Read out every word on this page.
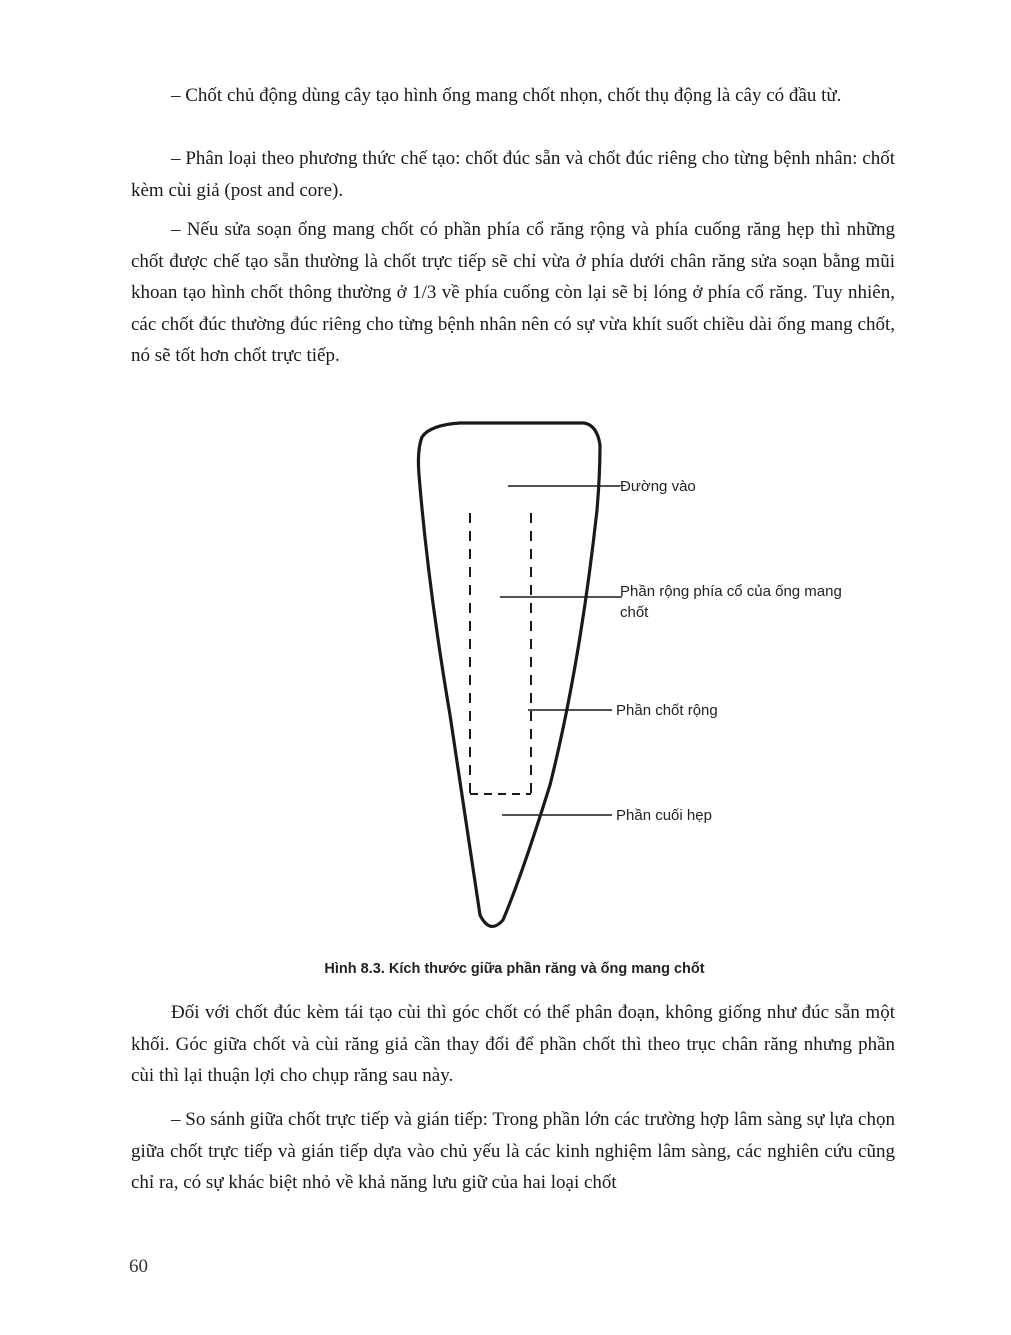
– Chốt chủ động dùng cây tạo hình ống mang chốt nhọn, chốt thụ động là cây có đầu từ.

– Phân loại theo phương thức chế tạo: chốt đúc sẵn và chốt đúc riêng cho từng bệnh nhân: chốt kèm cùi giả (post and core).

– Nếu sửa soạn ống mang chốt có phần phía cổ răng rộng và phía cuống răng hẹp thì những chốt được chế tạo sẵn thường là chốt trực tiếp sẽ chỉ vừa ở phía dưới chân răng sửa soạn bằng mũi khoan tạo hình chốt thông thường ở 1/3 về phía cuống còn lại sẽ bị lóng ở phía cổ răng. Tuy nhiên, các chốt đúc thường đúc riêng cho từng bệnh nhân nên có sự vừa khít suốt chiều dài ống mang chốt, nó sẽ tốt hơn chốt trực tiếp.

Đường vào
Phần rộng phía cổ của ống mang chốt
Phần chốt rộng
Phần cuối hẹp
Hình 8.3. Kích thước giữa phần răng và ống mang chốt

Đối với chốt đúc kèm tái tạo cùi thì góc chốt có thể phân đoạn, không giống như đúc sẵn một khối. Góc giữa chốt và cùi răng giả cần thay đổi để phần chốt thì theo trục chân răng nhưng phần cùi thì lại thuận lợi cho chụp răng sau này.

– So sánh giữa chốt trực tiếp và gián tiếp: Trong phần lớn các trường hợp lâm sàng sự lựa chọn giữa chốt trực tiếp và gián tiếp dựa vào chủ yếu là các kinh nghiệm lâm sàng, các nghiên cứu cũng chỉ ra, có sự khác biệt nhỏ về khả năng lưu giữ của hai loại chốt

60
